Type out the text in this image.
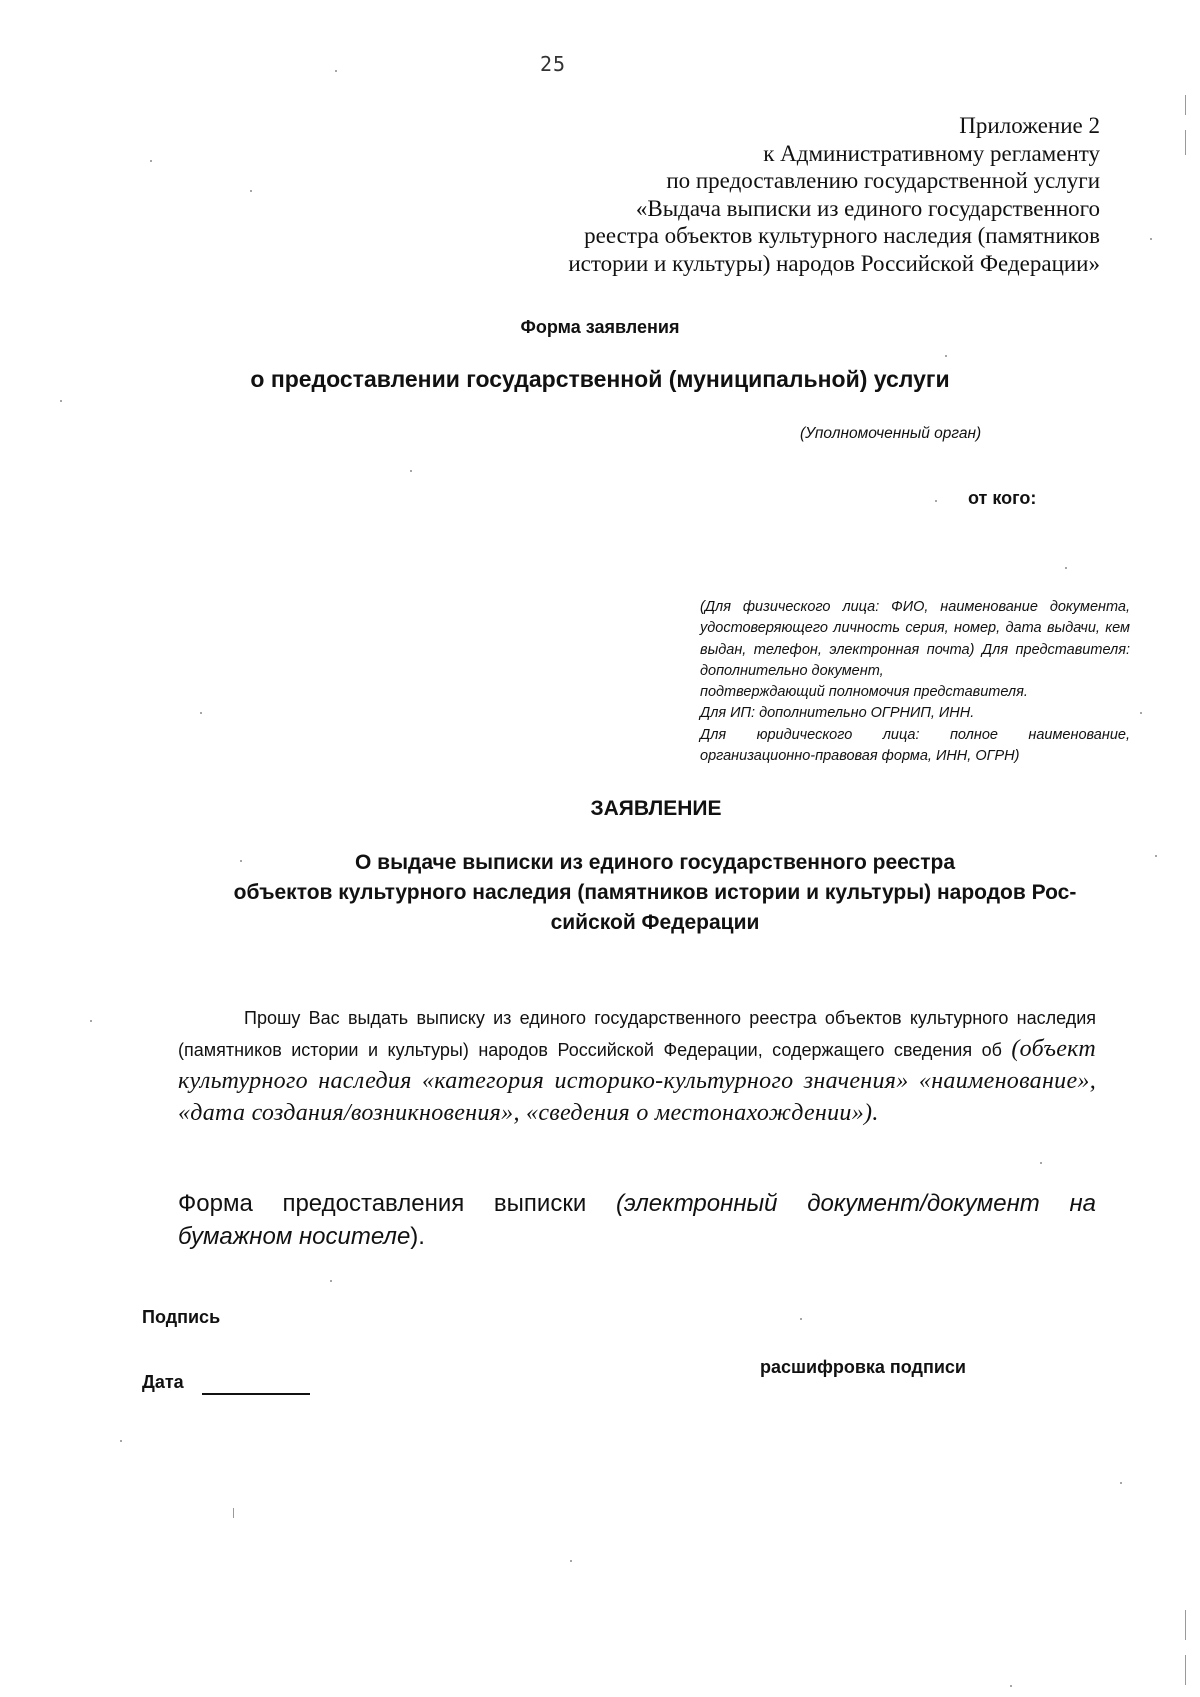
25
Приложение 2
к Административному регламенту
по предоставлению государственной услуги
«Выдача выписки из единого государственного
реестра объектов культурного наследия (памятников
истории и культуры) народов Российской Федерации»
Форма заявления
о предоставлении государственной (муниципальной) услуги
(Уполномоченный орган)
от кого:
(Для физического лица: ФИО, наименование документа, удостоверяющего личность серия, номер, дата выдачи, кем выдан, телефон, электронная почта) Для представителя: дополнительно документ,
подтверждающий полномочия представителя.
Для ИП: дополнительно ОГРНИП, ИНН.
Для юридического лица: полное наименование, организационно-правовая форма, ИНН, ОГРН)
ЗАЯВЛЕНИЕ
О выдаче выписки из единого государственного реестра
объектов культурного наследия (памятников истории и культуры) народов Рос-
сийской Федерации
Прошу Вас выдать выписку из единого государственного реестра объектов культурного наследия (памятников истории и культуры) народов Российской Федерации, содержащего сведения об (объект культурного наследия «категория историко-культурного значения» «наименование», «дата создания/возникновения», «сведения о местонахождении»).
Форма предоставления выписки (электронный документ/документ на бумажном носителе).
Подпись
расшифровка подписи
Дата
